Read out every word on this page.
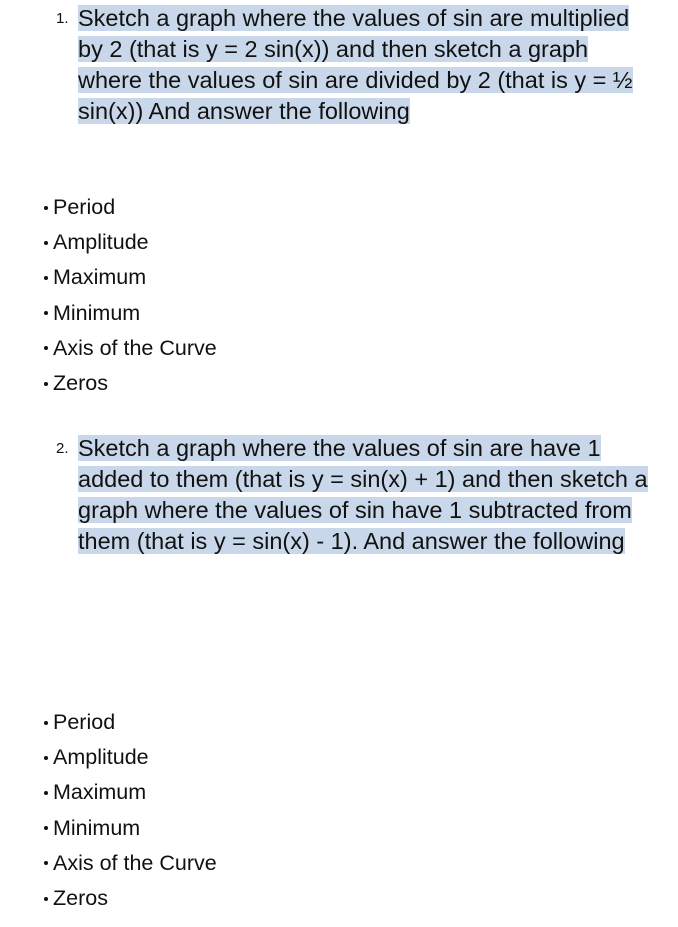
1. Sketch a graph where the values of sin are multiplied by 2 (that is y = 2 sin(x)) and then sketch a graph where the values of sin are divided by 2 (that is y = ½ sin(x)) And answer the following
Period
Amplitude
Maximum
Minimum
Axis of the Curve
Zeros
2. Sketch a graph where the values of sin are have 1 added to them (that is y = sin(x) + 1) and then sketch a graph where the values of sin have 1 subtracted from them (that is y = sin(x) - 1). And answer the following
Period
Amplitude
Maximum
Minimum
Axis of the Curve
Zeros
